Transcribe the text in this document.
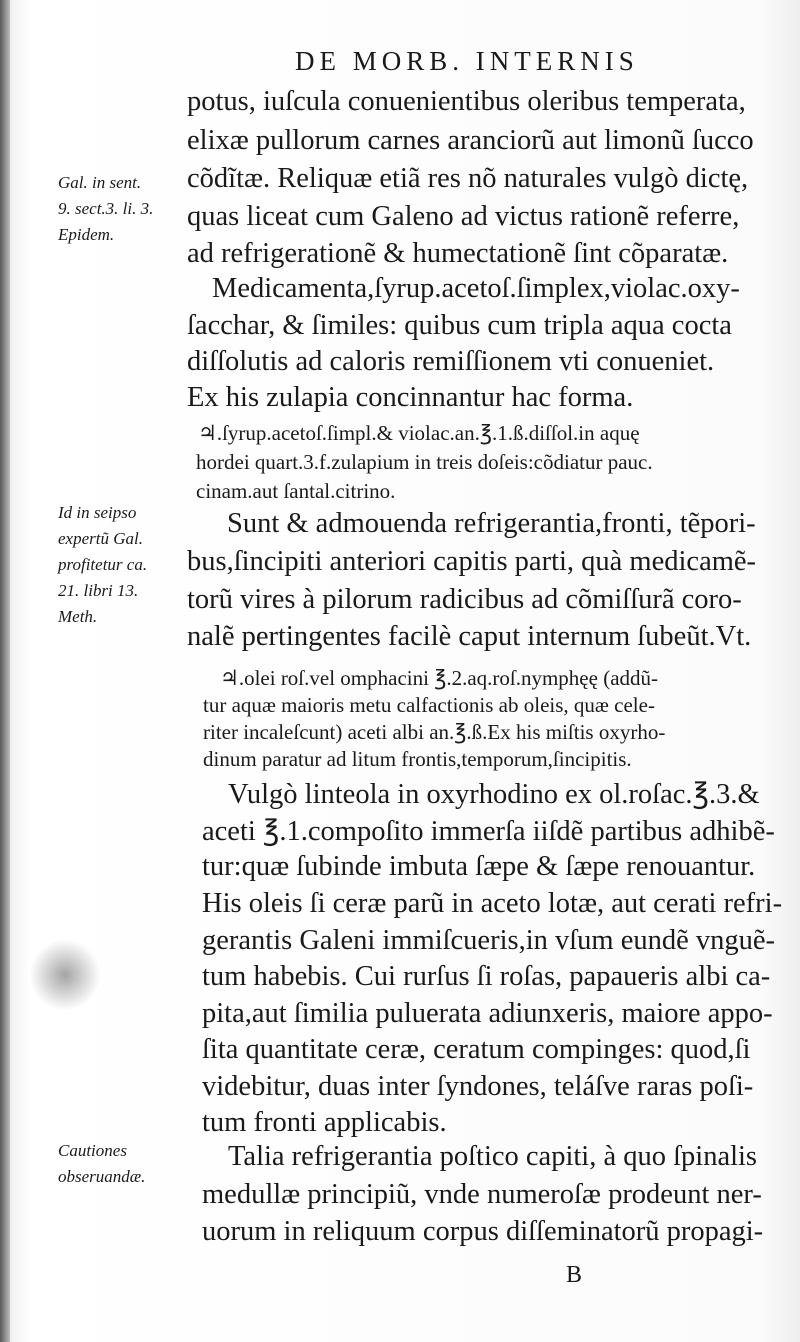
DE MORB. INTERNIS
Gal. in sent.
9. sect.3. li. 3.
Epidem.
Id in seipso
expertũ Gal.
profitetur ca.
21. libri 13.
Meth.
Cautiones
obseruandæ.
potus, iuſcula conuenientibus oleribus temperata,
elixæ pullorum carnes aranciorũ aut limonũ ſucco
cõdĩtæ. Reliquæ etiã res nõ naturales vulgò dictę,
quas liceat cum Galeno ad victus rationẽ referre,
ad refrigerationẽ & humectationẽ ſint cõparatæ.
Medicamenta,ſyrup.acetoſ.ſimplex,violac.oxy-
ſacchar, & ſimiles: quibus cum tripla aqua cocta
diſſolutis ad caloris remiſſionem vti conueniet.
Ex his zulapia concinnantur hac forma.
♃.ſyrup.acetoſ.ſimpl.& violac.an.℥.1.ß.diſſol.in aquę
hordei quart.3.f.zulapium in treis doſeis:cõdiatur pauc.
cinam.aut ſantal.citrino.
Sunt & admouenda refrigerantia,fronti, tẽpori-
bus,ſincipiti anteriori capitis parti, quà medicamẽ-
torũ vires à pilorum radicibus ad cõmiſſurã coro-
nalẽ pertingentes facilè caput internum ſubeũt.Vt.
♃.olei roſ.vel omphacini ℥.2.aq.roſ.nymphęę (addũ-
tur aquæ maioris metu calfactionis ab oleis, quæ cele-
riter incaleſcunt) aceti albi an.℥.ß.Ex his miſtis oxyrho-
dinum paratur ad litum frontis,temporum,ſincipitis.
Vulgò linteola in oxyrhodino ex ol.roſac.℥.3.&
aceti ℥.1.compoſito immerſa iiſdẽ partibus adhibẽ-
tur:quæ ſubinde imbuta ſæpe & ſæpe renouantur.
His oleis ſi ceræ parũ in aceto lotæ, aut cerati refri-
gerantis Galeni immiſcueris,in vſum eundẽ vnguẽ-
tum habebis. Cui rurſus ſi roſas, papaueris albi ca-
pita,aut ſimilia puluerata adiunxeris, maiore appo-
ſita quantitate ceræ, ceratum compinges: quod,ſi
videbitur, duas inter ſyndones, teláſve raras poſi-
tum fronti applicabis.
Talia refrigerantia poſtico capiti, à quo ſpinalis
medullæ principiũ, vnde numeroſæ prodeunt ner-
uorum in reliquum corpus diſſeminatorũ propagi-
B
